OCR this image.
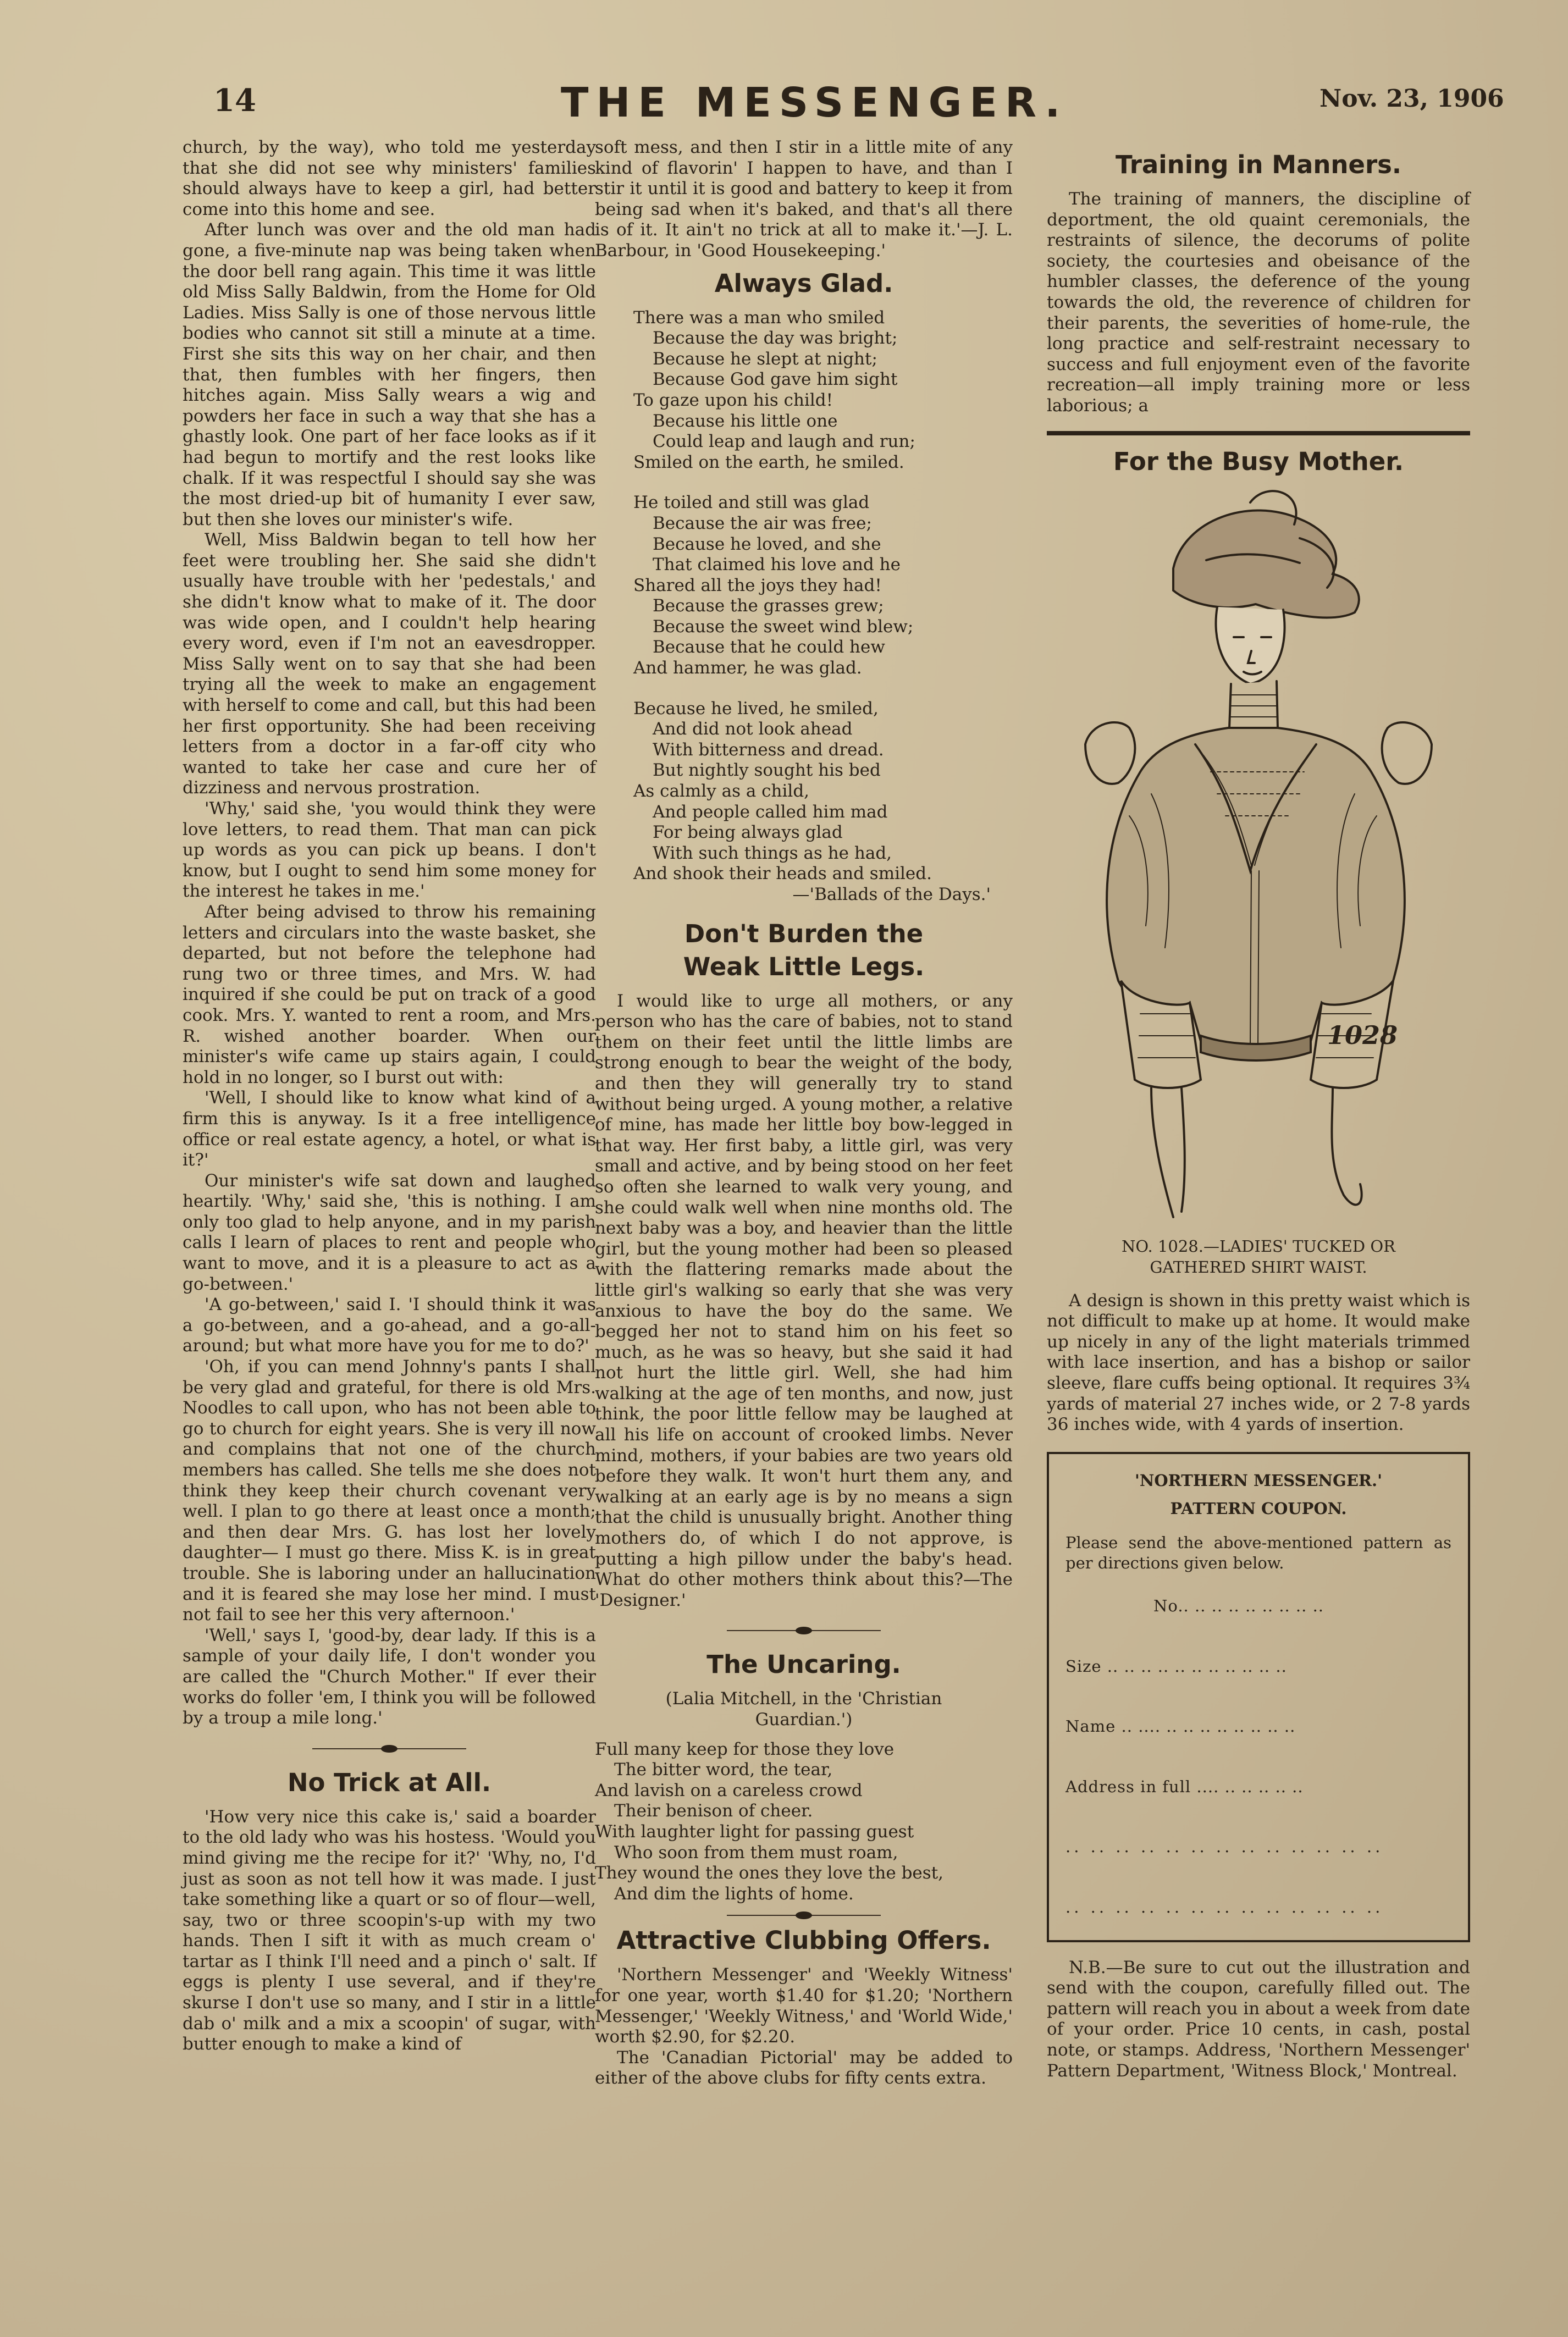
14	THE MESSENGER.	Nov. 23, 1906

church, by the way), who told me yesterday that she did not see why ministers' families should always have to keep a girl, had better come into this home and see.

After lunch was over and the old man had gone, a five-minute nap was being taken when the door bell rang again. This time it was little old Miss Sally Baldwin, from the Home for Old Ladies. Miss Sally is one of those nervous little bodies who cannot sit still a minute at a time. First she sits this way on her chair, and then that, then fumbles with her fingers, then hitches again. Miss Sally wears a wig and powders her face in such a way that she has a ghastly look. One part of her face looks as if it had begun to mortify and the rest looks like chalk. If it was respectful I should say she was the most dried-up bit of humanity I ever saw, but then she loves our minister's wife.

Well, Miss Baldwin began to tell how her feet were troubling her. She said she didn't usually have trouble with her 'pedestals,' and she didn't know what to make of it. The door was wide open, and I couldn't help hearing every word, even if I'm not an eavesdropper. Miss Sally went on to say that she had been trying all the week to make an engagement with herself to come and call, but this had been her first opportunity. She had been receiving letters from a doctor in a far-off city who wanted to take her case and cure her of dizziness and nervous prostration.

'Why,' said she, 'you would think they were love letters, to read them. That man can pick up words as you can pick up beans. I don't know, but I ought to send him some money for the interest he takes in me.'

After being advised to throw his remaining letters and circulars into the waste basket, she departed, but not before the telephone had rung two or three times, and Mrs. W. had inquired if she could be put on track of a good cook. Mrs. Y. wanted to rent a room, and Mrs. R. wished another boarder. When our minister's wife came up stairs again, I could hold in no longer, so I burst out with:

'Well, I should like to know what kind of a firm this is anyway. Is it a free intelligence office or real estate agency, a hotel, or what is it?'

Our minister's wife sat down and laughed heartily. 'Why,' said she, 'this is nothing. I am only too glad to help anyone, and in my parish calls I learn of places to rent and people who want to move, and it is a pleasure to act as a go-between.'

'A go-between,' said I. 'I should think it was a go-between, and a go-ahead, and a go-all-around; but what more have you for me to do?'

'Oh, if you can mend Johnny's pants I shall be very glad and grateful, for there is old Mrs. Noodles to call upon, who has not been able to go to church for eight years. She is very ill now and complains that not one of the church members has called. She tells me she does not think they keep their church covenant very well. I plan to go there at least once a month; and then dear Mrs. G. has lost her lovely daughter— I must go there. Miss K. is in great trouble. She is laboring under an hallucination and it is feared she may lose her mind. I must not fail to see her this very afternoon.'

'Well,' says I, 'good-by, dear lady. If this is a sample of your daily life, I don't wonder you are called the "Church Mother." If ever their works do foller 'em, I think you will be followed by a troup a mile long.'

No Trick at All.

'How very nice this cake is,' said a boarder to the old lady who was his hostess. 'Would you mind giving me the recipe for it?' 'Why, no, I'd just as soon as not tell how it was made. I just take something like a quart or so of flour—well, say, two or three scoopin's-up with my two hands. Then I sift it with as much cream o' tartar as I think I'll need and a pinch o' salt. If eggs is plenty I use several, and if they're skurse I don't use so many, and I stir in a little dab o' milk and a mix a scoopin' of sugar, with butter enough to make a kind of

soft mess, and then I stir in a little mite of any kind of flavorin' I happen to have, and than I stir it until it is good and battery to keep it from being sad when it's baked, and that's all there is of it. It ain't no trick at all to make it.'—J. L. Barbour, in 'Good Housekeeping.'

Always Glad.
There was a man who smiled
Because the day was bright;
Because he slept at night;
Because God gave him sight
To gaze upon his child!
Because his little one
Could leap and laugh and run;
Smiled on the earth, he smiled.
He toiled and still was glad
Because the air was free;
Because he loved, and she
That claimed his love and he
Shared all the joys they had!
Because the grasses grew;
Because the sweet wind blew;
Because that he could hew
And hammer, he was glad.
Because he lived, he smiled,
And did not look ahead
With bitterness and dread.
But nightly sought his bed
As calmly as a child,
And people called him mad
For being always glad
With such things as he had,
And shook their heads and smiled.
—'Ballads of the Days.'
Don't Burden the Weak Little Legs.

I would like to urge all mothers, or any person who has the care of babies, not to stand them on their feet until the little limbs are strong enough to bear the weight of the body, and then they will generally try to stand without being urged. A young mother, a relative of mine, has made her little boy bow-legged in that way. Her first baby, a little girl, was very small and active, and by being stood on her feet so often she learned to walk very young, and she could walk well when nine months old. The next baby was a boy, and heavier than the little girl, but the young mother had been so pleased with the flattering remarks made about the little girl's walking so early that she was very anxious to have the boy do the same. We begged her not to stand him on his feet so much, as he was so heavy, but she said it had not hurt the little girl. Well, she had him walking at the age of ten months, and now, just think, the poor little fellow may be laughed at all his life on account of crooked limbs. Never mind, mothers, if your babies are two years old before they walk. It won't hurt them any, and walking at an early age is by no means a sign that the child is unusually bright. Another thing mothers do, of which I do not approve, is putting a high pillow under the baby's head. What do other mothers think about this?—The 'Designer.'

The Uncaring.

(Lalia Mitchell, in the 'Christian Guardian.')

Full many keep for those they love
The bitter word, the tear,
And lavish on a careless crowd
Their benison of cheer.
With laughter light for passing guest
Who soon from them must roam,
They wound the ones they love the best,
And dim the lights of home.
Attractive Clubbing Offers.

'Northern Messenger' and 'Weekly Witness' for one year, worth $1.40 for $1.20; 'Northern Messenger,' 'Weekly Witness,' and 'World Wide,' worth $2.90, for $2.20.

The 'Canadian Pictorial' may be added to either of the above clubs for fifty cents extra.

Training in Manners.

The training of manners, the discipline of deportment, the old quaint ceremonials, the restraints of silence, the decorums of polite society, the courtesies and obeisance of the humbler classes, the deference of the young towards the old, the reverence of children for their parents, the severities of home-rule, the long practice and self-restraint necessary to success and full enjoyment even of the favorite recreation—all imply training more or less laborious; a

For the Busy Mother.
1028
NO. 1028.—LADIES' TUCKED OR
GATHERED SHIRT WAIST.

A design is shown in this pretty waist which is not difficult to make up at home. It would make up nicely in any of the light materials trimmed with lace insertion, and has a bishop or sailor sleeve, flare cuffs being optional. It requires 3¾ yards of material 27 inches wide, or 2 7-8 yards 36 inches wide, with 4 yards of insertion.

'NORTHERN MESSENGER.'
PATTERN COUPON.
Please send the above-mentioned pattern as per directions given below.
No.. .. .. .. .. .. .. .. ..
Size .. .. .. .. .. .. .. .. .. .. ..
Name .. .... .. .. .. .. .. .. .. ..
Address in full .... .. .. .. .. ..
.. .. .. .. .. .. .. .. .. .. .. .. ..
.. .. .. .. .. .. .. .. .. .. .. .. ..

N.B.—Be sure to cut out the illustration and send with the coupon, carefully filled out. The pattern will reach you in about a week from date of your order. Price 10 cents, in cash, postal note, or stamps. Address, 'Northern Messenger' Pattern Department, 'Witness Block,' Montreal.
